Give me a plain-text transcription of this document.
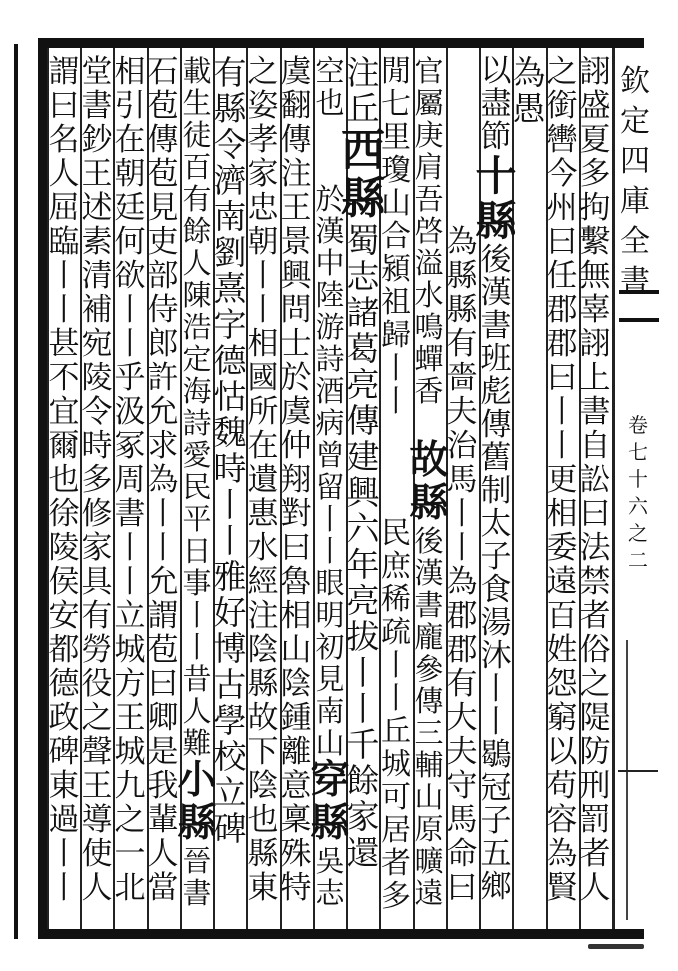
詡
盛
夏
多
拘
繫
無
辜
詡
上
書
自
訟
曰
法
禁
者
俗
之
隄
防
刑
罰
者
人
之
銜
轡
今
州
曰
任
郡
郡
曰
丨
丨
更
相
委
遠
百
姓
怨
窮
以
苟
容
為
賢
為
愚

以
盡
節
十
縣
後
漢
書
班
彪
傳
舊
制
太
子
食
湯
沐
丨
丨
鶡
冠
子
五
鄉

為
縣
縣
有
嗇
夫
治
馬
丨
丨
為
郡
郡
有
大
夫
守
馬
命
曰
官
屬
庚
肩
吾
啓
溢
水
鳴
蟬
香

故
縣
後
漢
書
龐
參
傳
三
輔
山
原
曠
遠
閒
七
里
瓊
山
合
潁
祖
歸
丨
丨

民
庶
稀
疏
丨
丨
丘
城
可
居
者
多
注
丘
西
縣
蜀
志
諸
葛
亮
傳
建
興
六
年
亮
拔
丨
丨
千
餘
家
還
空
也

於
漢
中
陸
游
詩
酒
病
曾
留
丨
丨
眼
明
初
見
南
山
穿
縣
吳
志
虞
翻
傳
注
王
景
興
問
士
於
虞
仲
翔
對
曰
魯
相
山
陰
鍾
離
意
稟
殊
特
之
姿
孝
家
忠
朝
丨
丨
相
國
所
在
遺
惠
水
經
注
陰
縣
故
下
陰
也
縣
東
有
縣
令
濟
南
劉
熹
字
德
怙
魏
時
丨
丨
雅
好
博
古
學
校
立
碑
載
生
徒
百
有
餘
人
陳
浩
定
海
詩
愛
民
平
日
事
丨
丨
昔
人
難
小
縣
晉
書
石
苞
傳
苞
見
吏
部
侍
郎
許
允
求
為
丨
丨
允
謂
苞
曰
卿
是
我
輩
人
當
相
引
在
朝
廷
何
欲
丨
丨
乎
汲
冢
周
書
丨
丨
立
城
方
王
城
九
之
一
北
堂
書
鈔
王
述
素
清
補
宛
陵
令
時
多
修
家
具
有
勞
役
之
聲
王
導
使
人
謂
曰
名
人
屈
臨
丨
丨
甚
不
宜
爾
也
徐
陵
侯
安
都
德
政
碑
東
過
丨
丨
欽
定
四
庫
全
書
卷
七
十
六
之
二
